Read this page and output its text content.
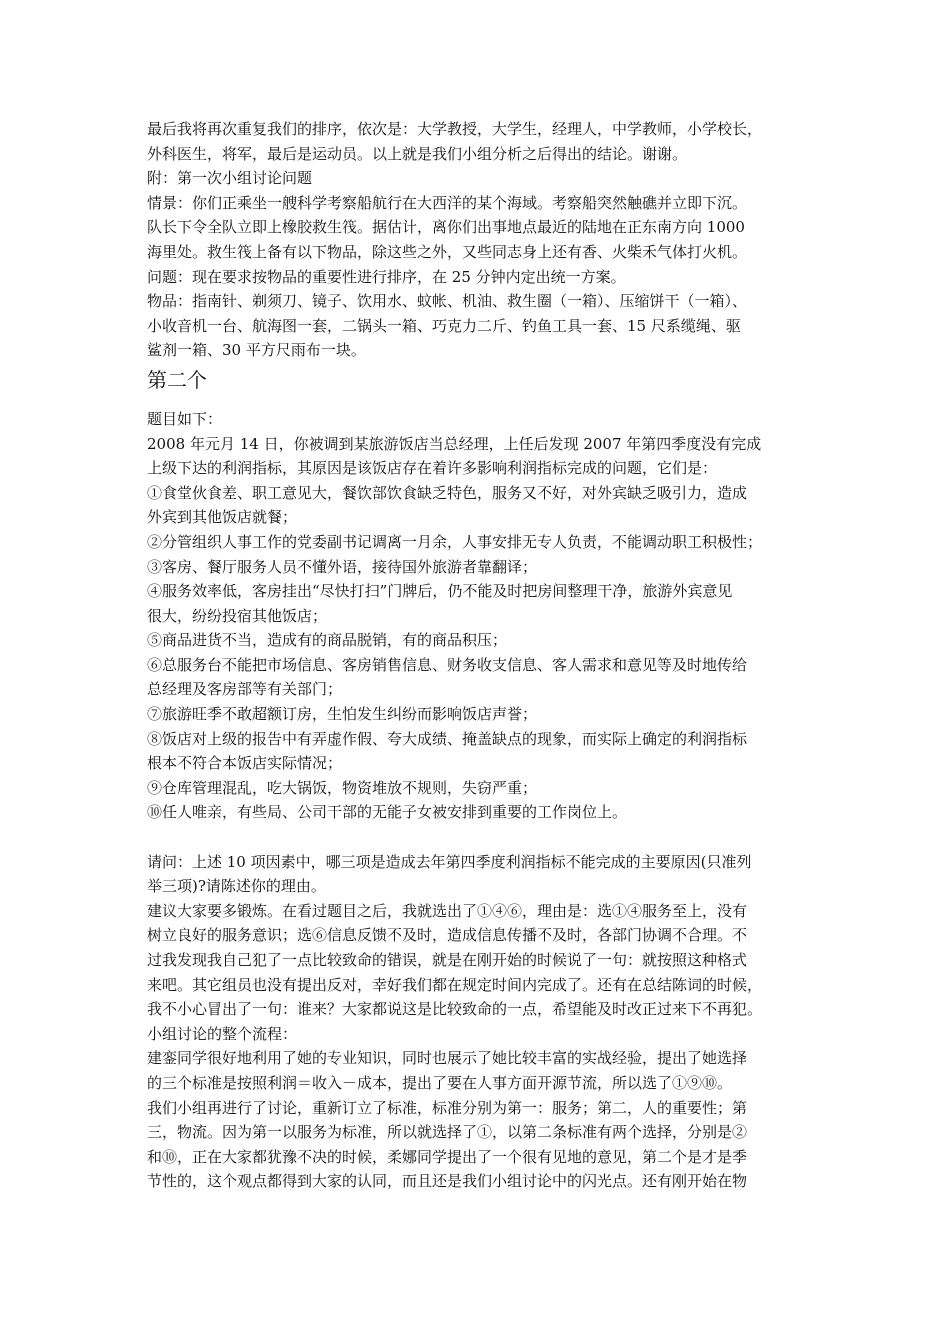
最后我将再次重复我们的排序，依次是：大学教授，大学生，经理人，中学教师，小学校长，
外科医生，将军，最后是运动员。以上就是我们小组分析之后得出的结论。谢谢。
附：第一次小组讨论问题
情景：你们正乘坐一艘科学考察船航行在大西洋的某个海域。考察船突然触礁并立即下沉。
队长下令全队立即上橡胶救生筏。据估计，离你们出事地点最近的陆地在正东南方向 1000
海里处。救生筏上备有以下物品，除这些之外，又些同志身上还有香、火柴禾气体打火机。
问题：现在要求按物品的重要性进行排序，在 25 分钟内定出统一方案。
物品：指南针、剃须刀、镜子、饮用水、蚊帐、机油、救生圈（一箱）、压缩饼干（一箱）、
小收音机一台、航海图一套，二锅头一箱、巧克力二斤、钓鱼工具一套、15 尺系缆绳、驱
鲨剂一箱、30 平方尺雨布一块。
第二个
题目如下：
2008 年元月 14 日，你被调到某旅游饭店当总经理，上任后发现 2007 年第四季度没有完成
上级下达的利润指标，其原因是该饭店存在着许多影响利润指标完成的问题，它们是：
①食堂伙食差、职工意见大，餐饮部饮食缺乏特色，服务又不好，对外宾缺乏吸引力，造成
外宾到其他饭店就餐；
②分管组织人事工作的党委副书记调离一月余，人事安排无专人负责，不能调动职工积极性；
③客房、餐厅服务人员不懂外语，接待国外旅游者靠翻译；
④服务效率低，客房挂出“尽快打扫”门牌后，仍不能及时把房间整理干净，旅游外宾意见
很大，纷纷投宿其他饭店；
⑤商品进货不当，造成有的商品脱销，有的商品积压；
⑥总服务台不能把市场信息、客房销售信息、财务收支信息、客人需求和意见等及时地传给
总经理及客房部等有关部门；
⑦旅游旺季不敢超额订房，生怕发生纠纷而影响饭店声誉；
⑧饭店对上级的报告中有弄虚作假、夸大成绩、掩盖缺点的现象，而实际上确定的利润指标
根本不符合本饭店实际情况；
⑨仓库管理混乱，吃大锅饭，物资堆放不规则，失窃严重；
⑩任人唯亲，有些局、公司干部的无能子女被安排到重要的工作岗位上。
请问：上述 10 项因素中，哪三项是造成去年第四季度利润指标不能完成的主要原因(只准列
举三项)?请陈述你的理由。
建议大家要多锻炼。在看过题目之后，我就选出了①④⑥，理由是：选①④服务至上，没有
树立良好的服务意识；选⑥信息反馈不及时，造成信息传播不及时，各部门协调不合理。不
过我发现我自己犯了一点比较致命的错误，就是在刚开始的时候说了一句：就按照这种格式
来吧。其它组员也没有提出反对，幸好我们都在规定时间内完成了。还有在总结陈词的时候，
我不小心冒出了一句：谁来？大家都说这是比较致命的一点，希望能及时改正过来下不再犯。
小组讨论的整个流程：
建銮同学很好地利用了她的专业知识，同时也展示了她比较丰富的实战经验，提出了她选择
的三个标准是按照利润＝收入－成本，提出了要在人事方面开源节流，所以选了①⑨⑩。
我们小组再进行了讨论，重新订立了标准，标准分别为第一：服务；第二，人的重要性；第
三，物流。因为第一以服务为标准，所以就选择了①，以第二条标准有两个选择，分别是②
和⑩，正在大家都犹豫不决的时候，柔娜同学提出了一个很有见地的意见，第二个是才是季
节性的，这个观点都得到大家的认同，而且还是我们小组讨论中的闪光点。还有刚开始在物
